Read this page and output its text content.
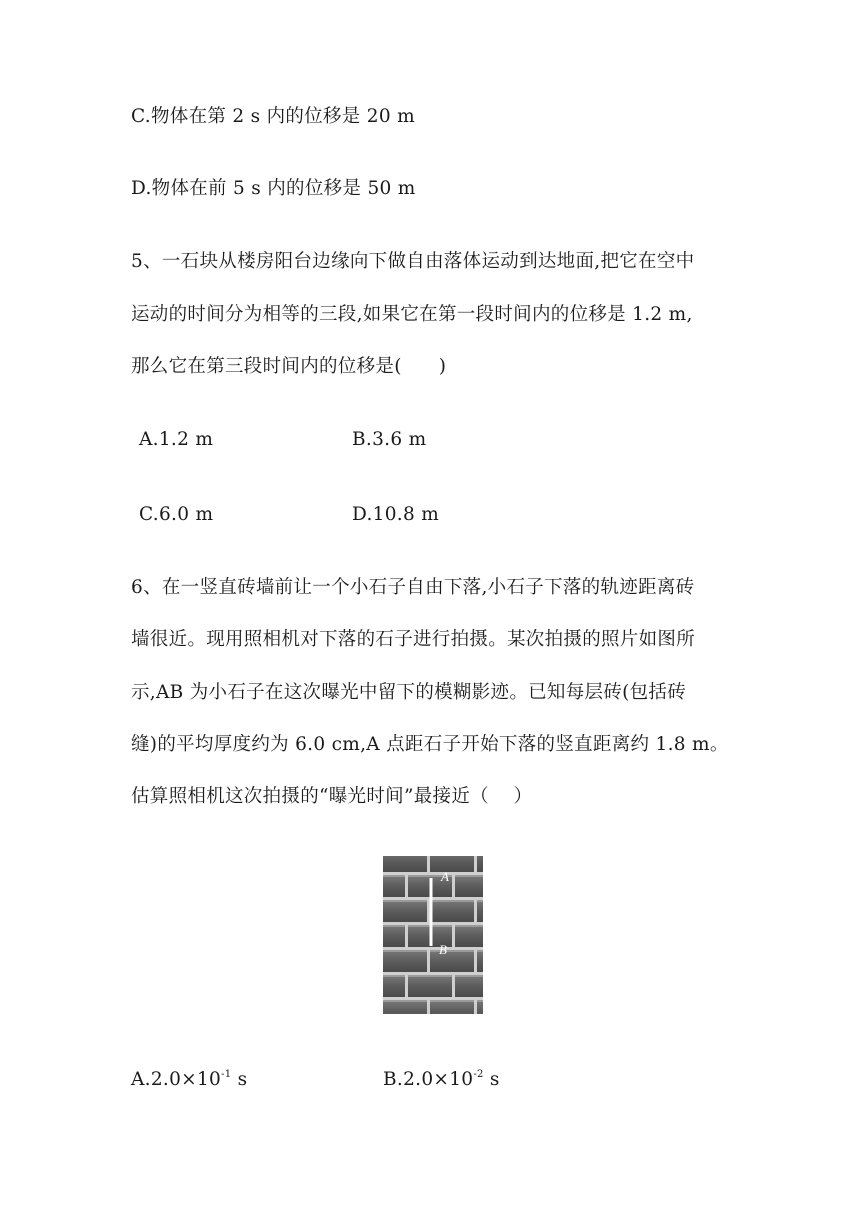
C.物体在第 2 s 内的位移是 20 m
D.物体在前 5 s 内的位移是 50 m
5、一石块从楼房阳台边缘向下做自由落体运动到达地面,把它在空中
运动的时间分为相等的三段,如果它在第一段时间内的位移是 1.2 m,
那么它在第三段时间内的位移是(      )
A.1.2 m	B.3.6 m
C.6.0 m	D.10.8 m
6、在一竖直砖墙前让一个小石子自由下落,小石子下落的轨迹距离砖
墙很近。现用照相机对下落的石子进行拍摄。某次拍摄的照片如图所
示,AB 为小石子在这次曝光中留下的模糊影迹。已知每层砖(包括砖
缝)的平均厚度约为 6.0 cm,A 点距石子开始下落的竖直距离约 1.8 m。
估算照相机这次拍摄的“曝光时间”最接近（    ）
A
B
$A.2.0\times 10^{-1}$ s	$B.2.0\times 10^{-2}$ s
